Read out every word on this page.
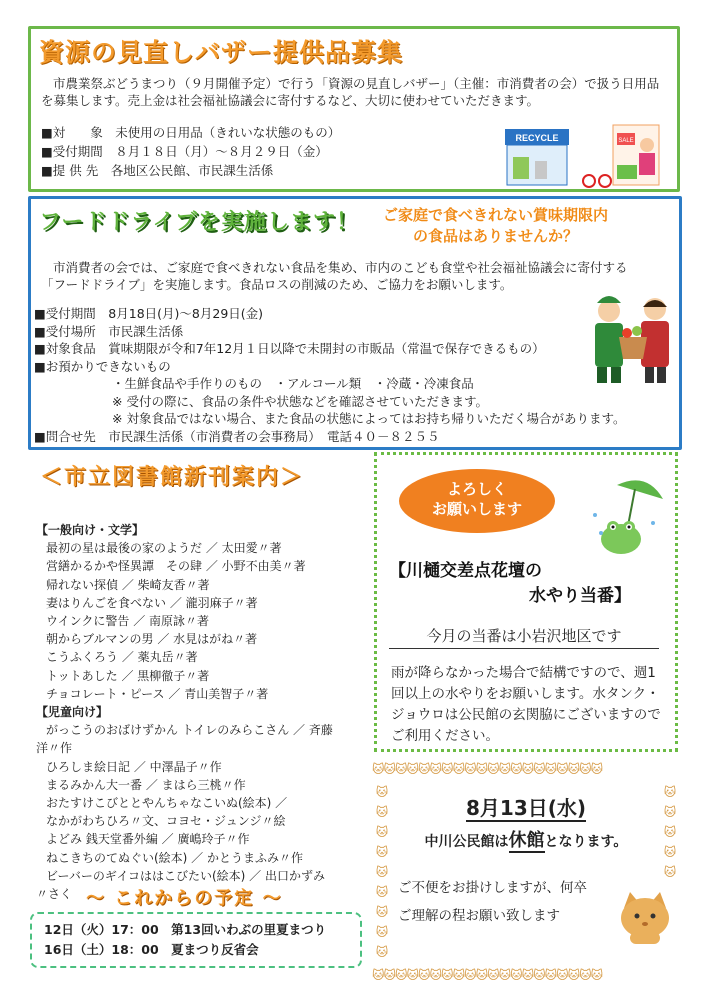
資源の見直しバザー提供品募集
市農業祭ぶどうまつり（９月開催予定）で行う「資源の見直しバザー」（主催：市消費者の会）で扱う日用品を募集します。売上金は社会福祉協議会に寄付するなど、大切に使わせていただきます。
■対　　象　未使用の日用品（きれいな状態のもの）
■受付期間　８月１８日（月）～８月２９日（金）
■提 供 先　各地区公民館、市民課生活係
RECYCLE	SALE
フードドライブを実施します！ ご家庭で食べきれない賞味期限内
の食品はありませんか？
市消費者の会では、ご家庭で食べきれない食品を集め、市内のこども食堂や社会福祉協議会に寄付する「フードドライブ」を実施します。食品ロスの削減のため、ご協力をお願いします。
■受付期間　8月18日(月)～8月29日(金)
■受付場所　市民課生活係
■対象食品　賞味期限が令和7年12月１日以降で未開封の市販品（常温で保存できるもの）
■お預かりできないもの
・生鮮食品や手作りのもの　・アルコール類　・冷蔵・冷凍食品
※ 受付の際に、食品の条件や状態などを確認させていただきます。
※ 対象食品ではない場合、また食品の状態によってはお持ち帰りいただく場合があります。
■問合せ先　市民課生活係（市消費者の会事務局）　電話４０－８２５５
＜市立図書館新刊案内＞
【一般向け・文学】
最初の星は最後の家のようだ ／ 太田愛〃著
営繕かるかや怪異譚　その肆 ／ 小野不由美〃著
帰れない探偵 ／ 柴崎友香〃著
妻はりんごを食べない ／ 瀧羽麻子〃著
ウインクに警告 ／ 南原詠〃著
朝からブルマンの男 ／ 水見はがね〃著
こうふくろう ／ 薬丸岳〃著
トットあした ／ 黒柳徹子〃著
チョコレート・ピース ／ 青山美智子〃著
【児童向け】
がっこうのおばけずかん トイレのみらこさん ／ 斉藤
洋〃作
ひろしま絵日記 ／ 中澤晶子〃作
まるみかん大一番 ／ まはら三桃〃作
おたすけこびととやんちゃなこいぬ(絵本) ／
なかがわちひろ〃文、コヨセ・ジュンジ〃絵
よどみ 銭天堂番外編 ／ 廣嶋玲子〃作
ねこきちのてぬぐい(絵本) ／ かとうまふみ〃作
ビーバーのギイコははこびたい(絵本) ／ 出口かずみ
〃さく ～ これからの予定 ～
12日（火）17：00　第13回いわぶの里夏まつり
16日（土）18：00　夏まつり反省会
よろしく
お願いします
【川樋交差点花壇の
水やり当番】
今月の当番は小岩沢地区です
雨が降らなかった場合で結構ですので、週1回以上の水やりをお願いします。水タンク・ジョウロは公民館の玄関脇にございますのでご利用ください。
🐱🐱🐱🐱🐱🐱🐱🐱🐱🐱🐱🐱🐱🐱🐱🐱🐱🐱🐱🐱
🐱🐱🐱🐱🐱🐱🐱🐱🐱🐱🐱🐱🐱🐱🐱🐱🐱🐱🐱🐱
🐱
🐱
🐱
🐱
🐱
🐱
🐱
🐱
🐱
🐱
🐱
🐱
🐱
🐱
8月13日(水)
中川公民館は休館となります。
ご不便をお掛けしますが、何卒
ご理解の程お願い致します
